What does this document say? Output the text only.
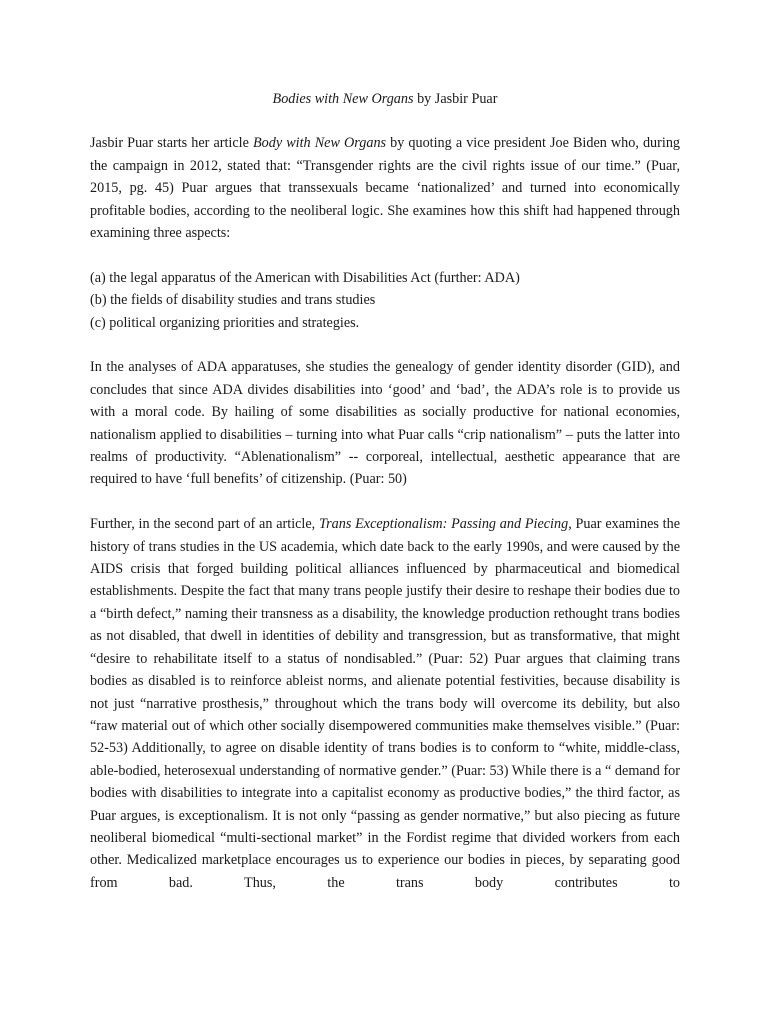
Bodies with New Organs by Jasbir Puar

Jasbir Puar starts her article Body with New Organs by quoting a vice president Joe Biden who, during the campaign in 2012, stated that: “Transgender rights are the civil rights issue of our time.” (Puar, 2015, pg. 45) Puar argues that transsexuals became ‘nationalized’ and turned into economically profitable bodies, according to the neoliberal logic. She examines how this shift had happened through examining three aspects:

(a) the legal apparatus of the American with Disabilities Act (further: ADA)
(b) the fields of disability studies and trans studies
(c) political organizing priorities and strategies.

In the analyses of ADA apparatuses, she studies the genealogy of gender identity disorder (GID), and concludes that since ADA divides disabilities into ‘good’ and ‘bad’, the ADA’s role is to provide us with a moral code. By hailing of some disabilities as socially productive for national economies, nationalism applied to disabilities – turning into what Puar calls “crip nationalism” – puts the latter into realms of productivity. “Ablenationalism” -- corporeal, intellectual, aesthetic appearance that are required to have ‘full benefits’ of citizenship. (Puar: 50)

Further, in the second part of an article, Trans Exceptionalism: Passing and Piecing, Puar examines the history of trans studies in the US academia, which date back to the early 1990s, and were caused by the AIDS crisis that forged building political alliances influenced by pharmaceutical and biomedical establishments. Despite the fact that many trans people justify their desire to reshape their bodies due to a “birth defect,” naming their transness as a disability, the knowledge production rethought trans bodies as not disabled, that dwell in identities of debility and transgression, but as transformative, that might “desire to rehabilitate itself to a status of nondisabled.” (Puar: 52) Puar argues that claiming trans bodies as disabled is to reinforce ableist norms, and alienate potential festivities, because disability is not just “narrative prosthesis,” throughout which the trans body will overcome its debility, but also “raw material out of which other socially disempowered communities make themselves visible.” (Puar: 52-53) Additionally, to agree on disable identity of trans bodies is to conform to “white, middle-class, able-bodied, heterosexual understanding of normative gender.” (Puar: 53) While there is a “ demand for bodies with disabilities to integrate into a capitalist economy as productive bodies,” the third factor, as Puar argues, is exceptionalism. It is not only “passing as gender normative,” but also piecing as future neoliberal biomedical “multi-sectional market” in the Fordist regime that divided workers from each other. Medicalized marketplace encourages us to experience our bodies in pieces, by separating good from bad. Thus, the trans body contributes to
